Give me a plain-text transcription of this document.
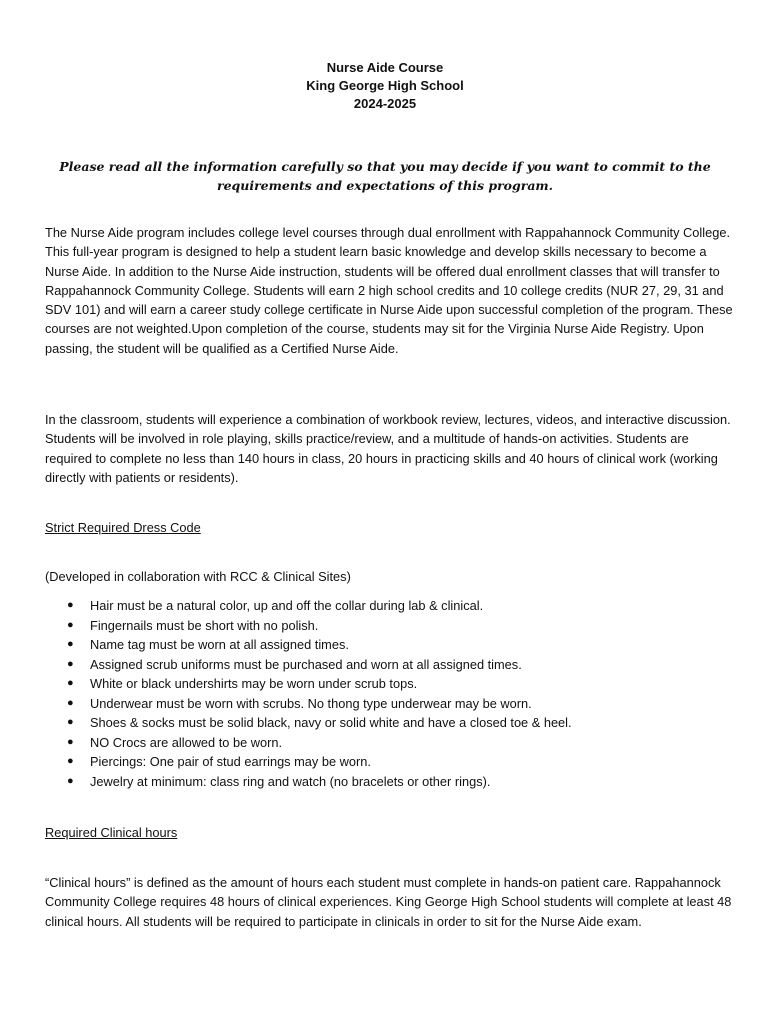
Nurse Aide Course
King George High School
2024-2025
Please read all the information carefully so that you may decide if you want to commit to the requirements and expectations of this program.
The Nurse Aide program includes college level courses through dual enrollment with Rappahannock Community College. This full-year program is designed to help a student learn basic knowledge and develop skills necessary to become a Nurse Aide. In addition to the Nurse Aide instruction, students will be offered dual enrollment classes that will transfer to Rappahannock Community College. Students will earn 2 high school credits and 10 college credits (NUR 27, 29, 31 and SDV 101) and will earn a career study college certificate in Nurse Aide upon successful completion of the program. These courses are not weighted.Upon completion of the course, students may sit for the Virginia Nurse Aide Registry. Upon passing, the student will be qualified as a Certified Nurse Aide.
In the classroom, students will experience a combination of workbook review, lectures, videos, and interactive discussion. Students will be involved in role playing, skills practice/review, and a multitude of hands-on activities. Students are required to complete no less than 140 hours in class, 20 hours in practicing skills and 40 hours of clinical work (working directly with patients or residents).
Strict Required Dress Code
(Developed in collaboration with RCC & Clinical Sites)
● Hair must be a natural color, up and off the collar during lab & clinical.
● Fingernails must be short with no polish.
● Name tag must be worn at all assigned times.
● Assigned scrub uniforms must be purchased and worn at all assigned times.
● White or black undershirts may be worn under scrub tops.
● Underwear must be worn with scrubs. No thong type underwear may be worn.
● Shoes & socks must be solid black, navy or solid white and have a closed toe & heel.
● NO Crocs are allowed to be worn.
● Piercings: One pair of stud earrings may be worn.
● Jewelry at minimum: class ring and watch (no bracelets or other rings).
Required Clinical hours
“Clinical hours” is defined as the amount of hours each student must complete in hands-on patient care. Rappahannock Community College requires 48 hours of clinical experiences. King George High School students will complete at least 48 clinical hours. All students will be required to participate in clinicals in order to sit for the Nurse Aide exam.
